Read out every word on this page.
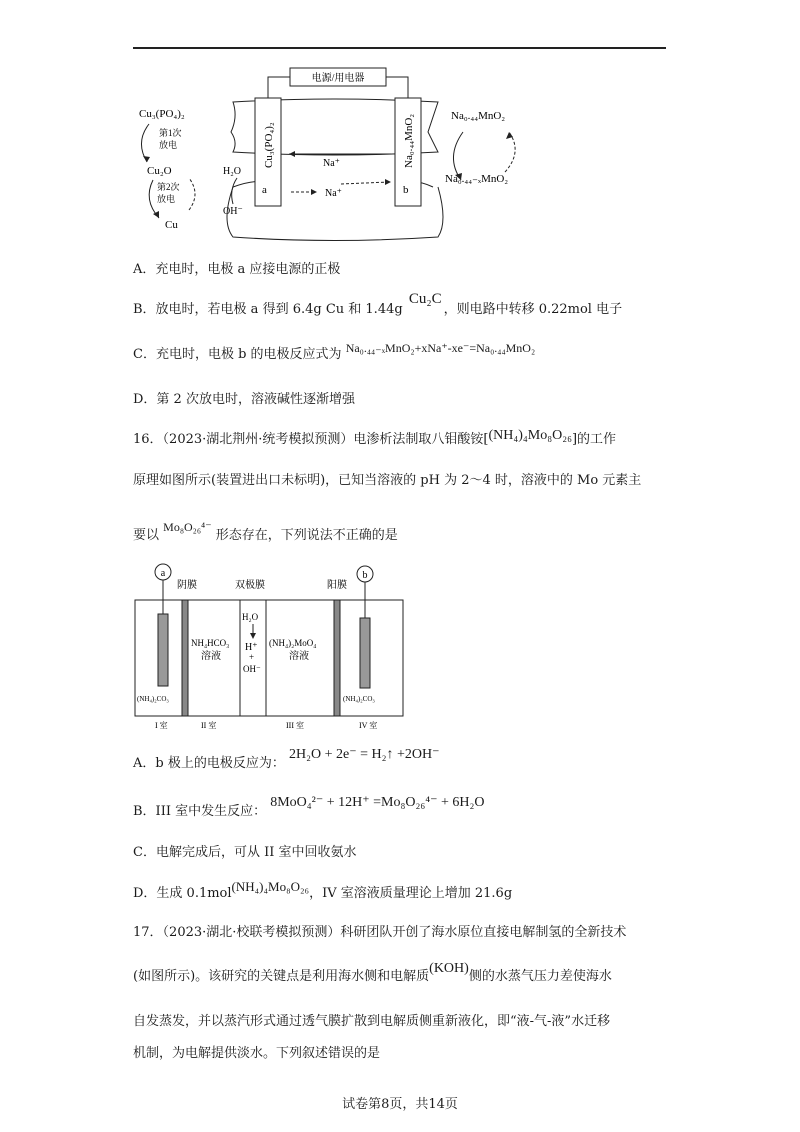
电源/用电器
Cu₃(PO₄)₂	Na₀.₄₄MnO₂
a	b
Na⁺
Na⁺
H₂O
OH⁻
Cu₃(PO₄)₂
第1次
放电
Cu₂O
第2次
放电
Cu
Na₀.₄₄MnO₂
Na₀.₄₄₋ₓMnO₂
A．充电时，电极 a 应接电源的正极
B．放电时，若电极 a 得到 6.4g Cu 和 1.44g Cu₂C，则电路中转移 0.22mol 电子
C．充电时，电极 b 的电极反应式为 Na₀.₄₄₋ₓMnO₂+xNa⁺-xe⁻=Na₀.₄₄MnO₂
D．第 2 次放电时，溶液碱性逐渐增强
16．（2023·湖北荆州·统考模拟预测）电渗析法制取八钼酸铵[(NH₄)₄Mo₈O₂₆]的工作
原理如图所示(装置进出口未标明)，已知当溶液的 pH 为 2～4 时，溶液中的 Mo 元素主
要以 Mo₈O₂₆⁴⁻ 形态存在，下列说法不正确的是
a	b
阴膜	双极膜	阳膜
H₂O
H⁺
+
OH⁻
NH₄HCO₃
溶液
(NH₄)₂MoO₄
溶液
(NH₄)₂CO₃	(NH₄)₂CO₃
I 室	II 室	III 室	IV 室
A．b 极上的电极反应为： 2H₂O + 2e⁻ = H₂↑ +2OH⁻
B．III 室中发生反应： 8MoO₄²⁻ + 12H⁺ =Mo₈O₂₆⁴⁻ + 6H₂O
C．电解完成后，可从 II 室中回收氨水
D．生成 0.1mol(NH₄)₄Mo₈O₂₆，IV 室溶液质量理论上增加 21.6g
17．（2023·湖北·校联考模拟预测）科研团队开创了海水原位直接电解制氢的全新技术
(如图所示)。该研究的关键点是利用海水侧和电解质(KOH)侧的水蒸气压力差使海水
自发蒸发，并以蒸汽形式通过透气膜扩散到电解质侧重新液化，即“液-气-液”水迁移
机制，为电解提供淡水。下列叙述错误的是
试卷第8页，共14页
